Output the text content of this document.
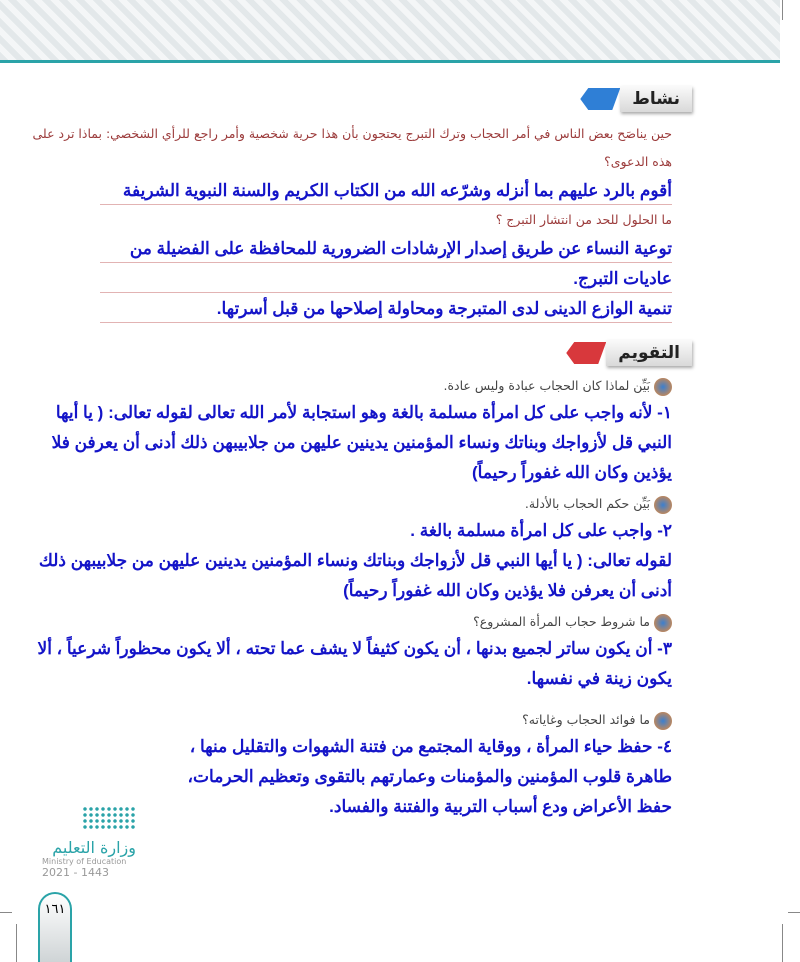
نشاط
حين يناصَح بعض الناس في أمر الحجاب وترك التبرج يحتجون بأن هذا حرية شخصية وأمر راجع للرأي الشخصي: بماذا ترد على هذه الدعوى؟
أقوم بالرد عليهم بما أنزله وشرّعه الله من الكتاب الكريم والسنة النبوية الشريفة
ما الحلول للحد من انتشار التبرج ؟
توعية النساء عن طريق إصدار الإرشادات الضرورية للمحافظة على الفضيلة من عاديات التبرج.
تنمية الوازع الدينى لدى المتبرجة ومحاولة إصلاحها من قبل أسرتها.
التقويم
بَيِّن لماذا كان الحجاب عبادة وليس عادة.
١- لأنه واجب على كل امرأة مسلمة بالغة وهو استجابة لأمر الله تعالى لقوله تعالى: ( يا أيها النبي قل لأزواجك وبناتك ونساء المؤمنين يدينين عليهن من جلابيبهن ذلك أدنى أن يعرفن فلا يؤذين وكان الله غفوراً رحيماً)
بَيِّن حكم الحجاب بالأدلة.
٢- واجب على كل امرأة مسلمة بالغة .
لقوله تعالى: ( يا أيها النبي قل لأزواجك وبناتك ونساء المؤمنين يدينين عليهن من جلابيبهن ذلك أدنى أن يعرفن فلا يؤذين وكان الله غفوراً رحيماً)
ما شروط حجاب المرأة المشروع؟
٣- أن يكون ساتر لجميع بدنها ، أن يكون كثيفاً لا يشف عما تحته ، ألا يكون محظوراً شرعياً ، ألا يكون زينة في نفسها.
ما فوائد الحجاب وغاياته؟
٤- حفظ حياء المرأة ، ووقاية المجتمع من فتنة الشهوات والتقليل منها ، طاهرة قلوب المؤمنين والمؤمنات وعمارتهم بالتقوى وتعظيم الحرمات، حفظ الأعراض ودع أسباب التربية والفتنة والفساد.
وزارة التعليم
Ministry of Education
2021 - 1443
١٦١
